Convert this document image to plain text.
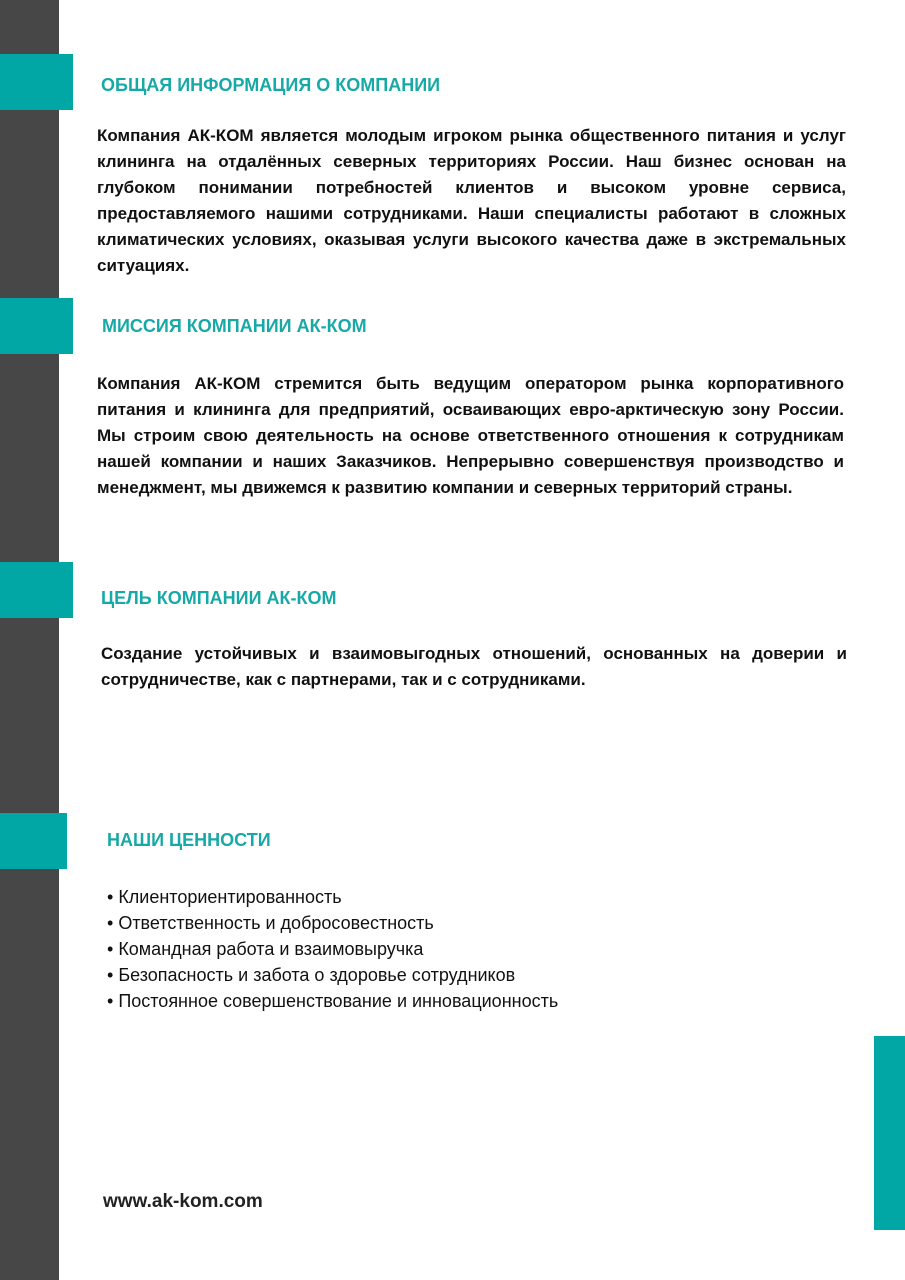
ОБЩАЯ ИНФОРМАЦИЯ О КОМПАНИИ

Компания АК-КОМ является молодым игроком рынка общественного питания и услуг клининга на отдалённых северных территориях России. Наш бизнес основан на глубоком понимании потребностей клиентов и высоком уровне сервиса, предоставляемого нашими сотрудниками. Наши специалисты работают в сложных климатических условиях, оказывая услуги высокого качества даже в экстремальных ситуациях.

МИССИЯ КОМПАНИИ АК-КОМ

Компания АК-КОМ стремится быть ведущим оператором рынка корпоративного питания и клининга для предприятий, осваивающих евро-арктическую зону России. Мы строим свою деятельность на основе ответственного отношения к сотрудникам нашей компании и наших Заказчиков. Непрерывно совершенствуя производство и менеджмент, мы движемся к развитию компании и северных территорий страны.

ЦЕЛЬ КОМПАНИИ АК-КОМ

Создание устойчивых и взаимовыгодных отношений, основанных на доверии и сотрудничестве, как с партнерами, так и с сотрудниками.

НАШИ ЦЕННОСТИ
• Клиенториентированность
• Ответственность и добросовестность
• Командная работа и взаимовыручка
• Безопасность и забота о здоровье сотрудников
• Постоянное совершенствование и инновационность
www.ak-kom.com
